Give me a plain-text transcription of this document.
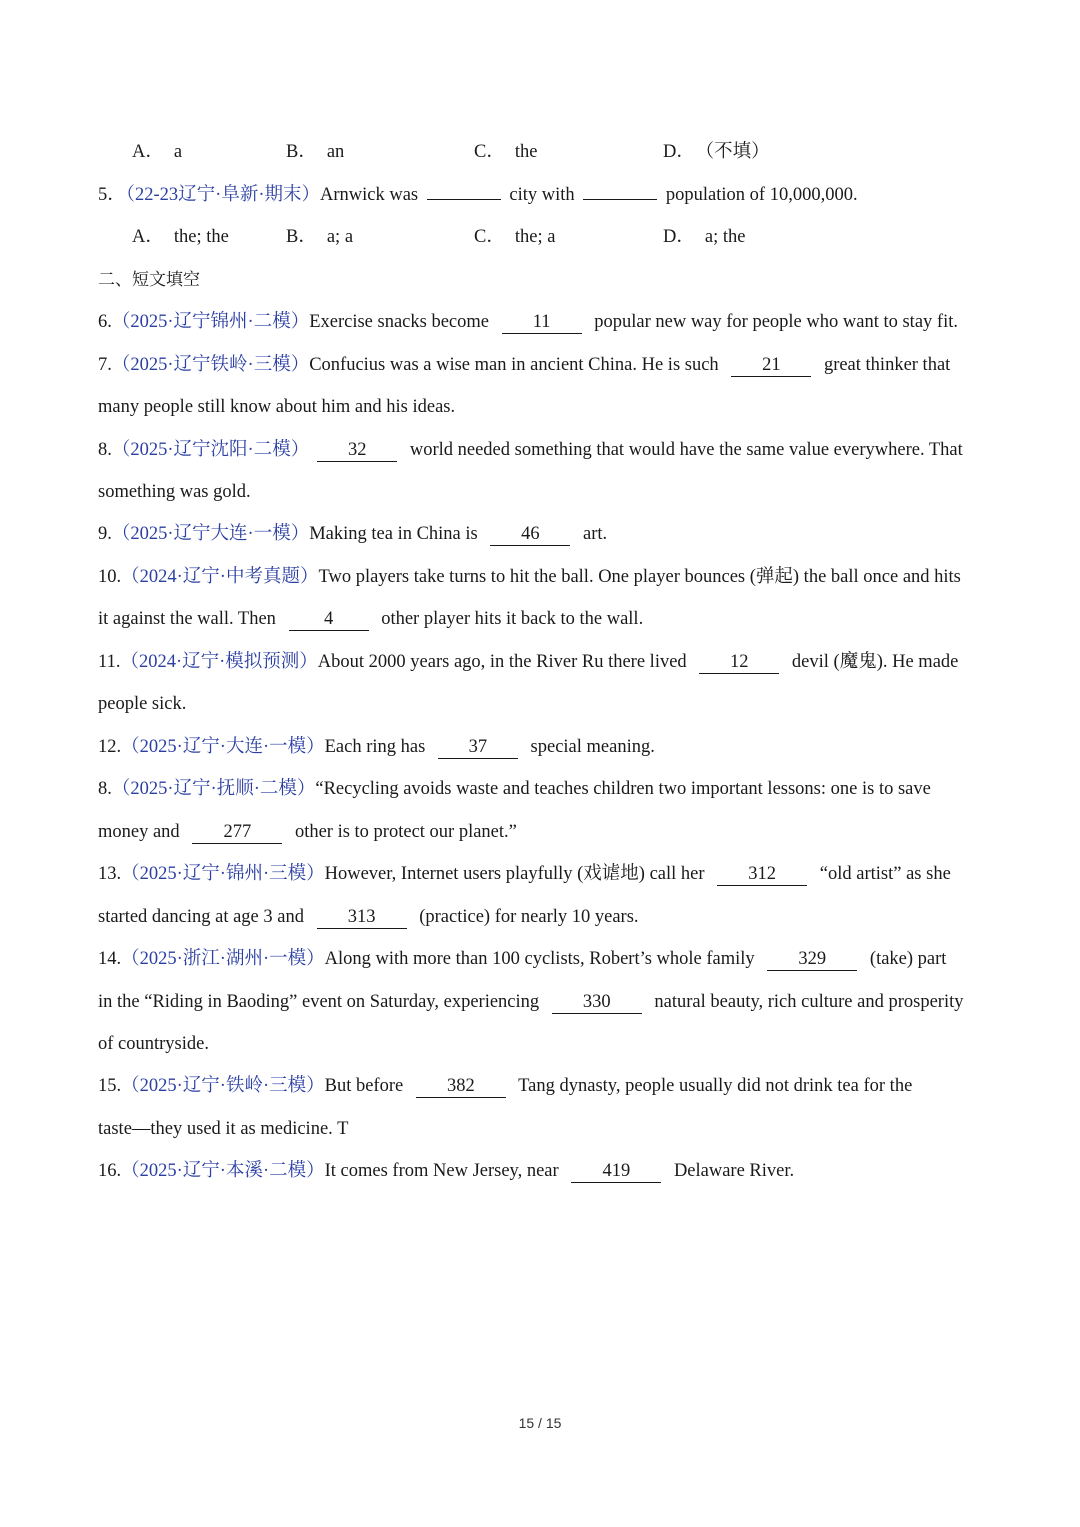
A． a	B． an	C． the	D． （不填）
5．（22-23辽宁·阜新·期末）Arnwick was	city with	population of 10,000,000.
A． the; the	B． a; a	C． the; a	D． a; the
二、短文填空
6.（2025·辽宁锦州·二模）Exercise snacks become 11 popular new way for people who want to stay fit.
7.（2025·辽宁铁岭·三模）Confucius was a wise man in ancient China. He is such 21 great thinker that
many people still know about him and his ideas.
8.（2025·辽宁沈阳·二模） 32 world needed something that would have the same value everywhere. That
something was gold.
9.（2025·辽宁大连·一模）Making tea in China is 46 art.
10.（2024·辽宁·中考真题）Two players take turns to hit the ball. One player bounces (弹起) the ball once and hits
it against the wall. Then	4	other player hits it back to the wall.
11.（2024·辽宁·模拟预测）About 2000 years ago, in the River Ru there lived 12 devil (魔鬼). He made
people sick.
12.（2025·辽宁·大连·一模）Each ring has 37 special meaning.
8.（2025·辽宁·抚顺·二模）“Recycling avoids waste and teaches children two important lessons: one is to save
money and 277 other is to protect our planet.”
13.（2025·辽宁·锦州·三模）However, Internet users playfully (戏谑地) call her 312 “old artist” as she
started dancing at age 3 and 313 (practice) for nearly 10 years.
14.（2025·浙江·湖州·一模）Along with more than 100 cyclists, Robert’s whole family 329 (take) part
in the “Riding in Baoding” event on Saturday, experiencing 330 natural beauty, rich culture and prosperity
of countryside.
15.（2025·辽宁·铁岭·三模）But before 382 Tang dynasty, people usually did not drink tea for the
taste—they used it as medicine. T
16.（2025·辽宁·本溪·二模）It comes from New Jersey, near 419 Delaware River.
15 / 15
